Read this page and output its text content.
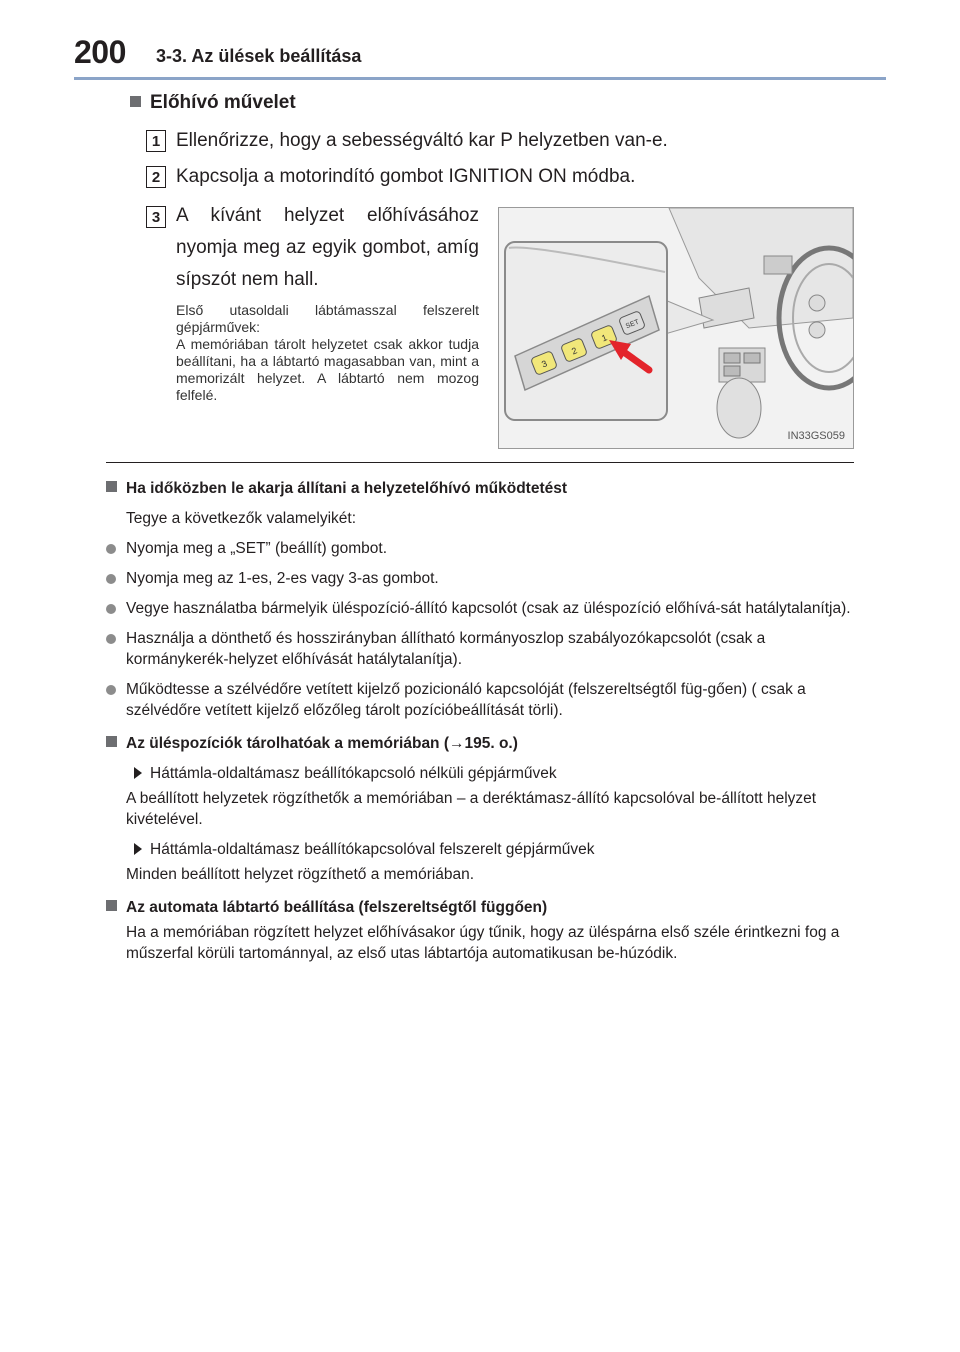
200 3-3. Az ülések beállítása
Előhívó művelet
1 Ellenőrizze, hogy a sebességváltó kar P helyzetben van-e.
2 Kapcsolja a motorindító gombot IGNITION ON módba.
3 A kívánt helyzet előhívásához nyomja meg az egyik gombot, amíg sípszót nem hall.
Első utasoldali lábtámasszal felszerelt gépjárművek:
A memóriában tárolt helyzetet csak akkor tudja beállítani, ha a lábtartó magasabban van, mint a memorizált helyzet. A lábtartó nem mozog felfelé.
3
2
1
SET
IN33GS059
Ha időközben le akarja állítani a helyzetelőhívó működtetést
Tegye a következők valamelyikét:
Nyomja meg a „SET” (beállít) gombot.
Nyomja meg az 1-es, 2-es vagy 3-as gombot.
Vegye használatba bármelyik üléspozíció-állító kapcsolót (csak az üléspozíció előhívá-sát hatálytalanítja).
Használja a dönthető és hosszirányban állítható kormányoszlop szabályozókapcsolót (csak a kormánykerék-helyzet előhívását hatálytalanítja).
Működtesse a szélvédőre vetített kijelző pozicionáló kapcsolóját (felszereltségtől füg-gően) ( csak a szélvédőre vetített kijelző előzőleg tárolt pozícióbeállítását törli).
Az üléspozíciók tárolhatóak a memóriában (→195. o.)
Háttámla-oldaltámasz beállítókapcsoló nélküli gépjárművek
A beállított helyzetek rögzíthetők a memóriában – a deréktámasz-állító kapcsolóval be-állított helyzet kivételével.
Háttámla-oldaltámasz beállítókapcsolóval felszerelt gépjárművek
Minden beállított helyzet rögzíthető a memóriában.
Az automata lábtartó beállítása (felszereltségtől függően)
Ha a memóriában rögzített helyzet előhívásakor úgy tűnik, hogy az üléspárna első széle érintkezni fog a műszerfal körüli tartománnyal, az első utas lábtartója automatikusan be-húzódik.
